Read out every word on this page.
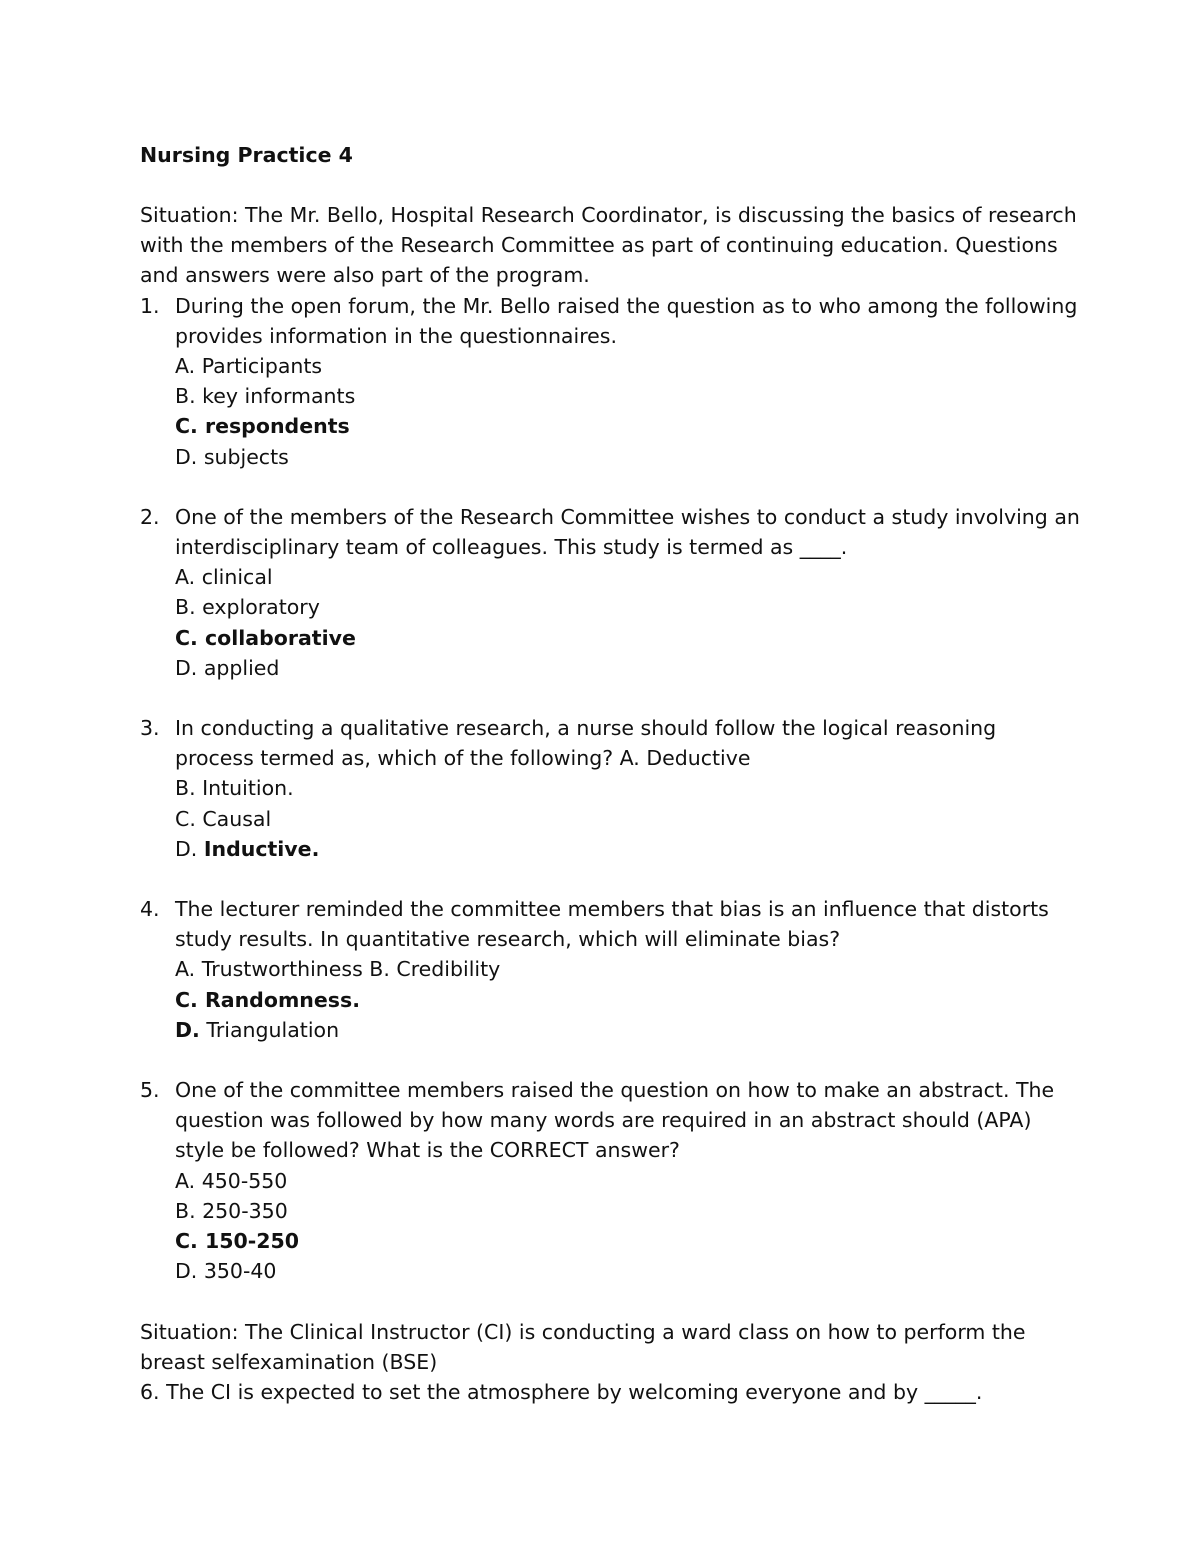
Nursing Practice 4

Situation: The Mr. Bello, Hospital Research Coordinator, is discussing the basics of research with the members of the Research Committee as part of continuing education. Questions and answers were also part of the program.

1. During the open forum, the Mr. Bello raised the question as to who among the following provides information in the questionnaires.
A. Participants
B. key informants
C. respondents
D. subjects
2. One of the members of the Research Committee wishes to conduct a study involving an interdisciplinary team of colleagues. This study is termed as ____.
A. clinical
B. exploratory
C. collaborative
D. applied
3. In conducting a qualitative research, a nurse should follow the logical reasoning process termed as, which of the following? A. Deductive
B. Intuition.
C. Causal
D. Inductive.
4. The lecturer reminded the committee members that bias is an influence that distorts study results. In quantitative research, which will eliminate bias?
A. Trustworthiness B. Credibility
C. Randomness.
D. Triangulation
5. One of the committee members raised the question on how to make an abstract. The question was followed by how many words are required in an abstract should (APA) style be followed? What is the CORRECT answer?
A. 450-550
B. 250-350
C. 150-250
D. 350-40

Situation: The Clinical Instructor (CI) is conducting a ward class on how to perform the breast selfexamination (BSE)

6. The CI is expected to set the atmosphere by welcoming everyone and by _____.
